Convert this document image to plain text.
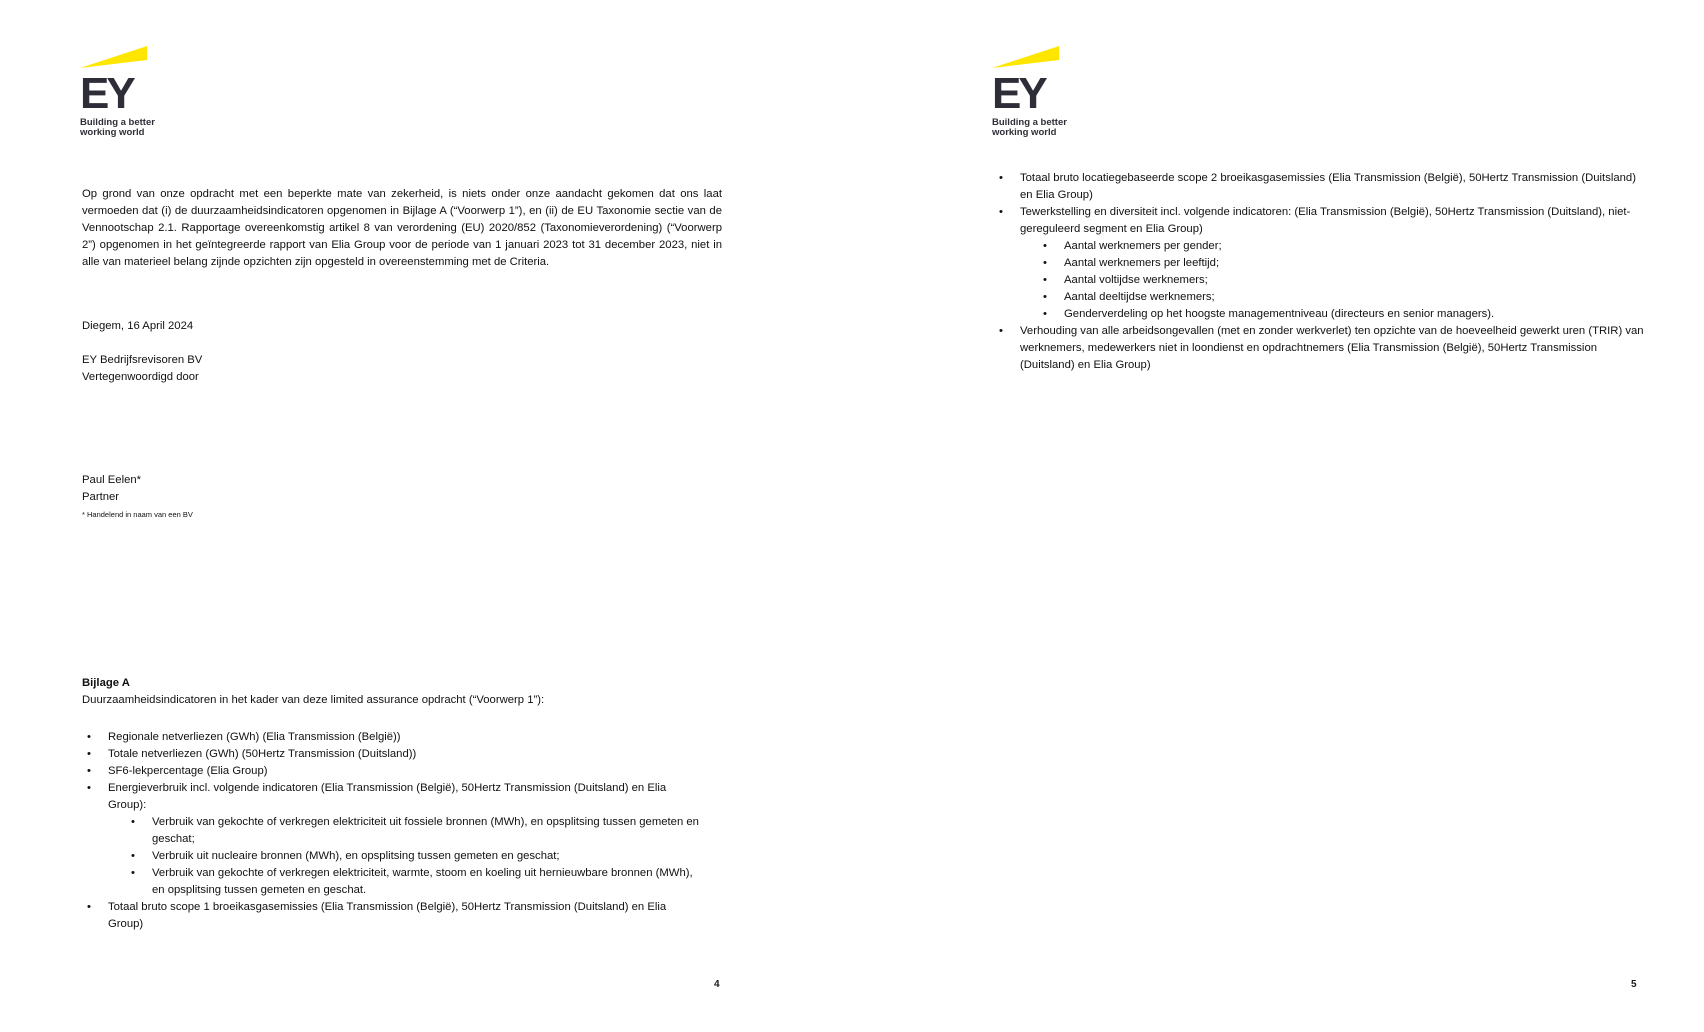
EY
Building a better
working world
Op grond van onze opdracht met een beperkte mate van zekerheid, is niets onder onze aandacht gekomen dat ons laat vermoeden dat (i) de duurzaamheidsindicatoren opgenomen in Bijlage A (“Voorwerp 1”), en (ii) de EU Taxonomie sectie van de Vennootschap 2.1. Rapportage overeenkomstig artikel 8 van verordening (EU) 2020/852 (Taxonomieverordening) (“Voorwerp 2”) opgenomen in het geïntegreerde rapport van Elia Group voor de periode van 1 januari 2023 tot 31 december 2023, niet in alle van materieel belang zijnde opzichten zijn opgesteld in overeenstemming met de Criteria.
Diegem, 16 April 2024
EY Bedrijfsrevisoren BV
Vertegenwoordigd door
Paul Eelen*
Partner
* Handelend in naam van een BV
Bijlage A
Duurzaamheidsindicatoren in het kader van deze limited assurance opdracht (“Voorwerp 1”):
• Regionale netverliezen (GWh) (Elia Transmission (België))
• Totale netverliezen (GWh) (50Hertz Transmission (Duitsland))
• SF6-lekpercentage (Elia Group)
• Energieverbruik incl. volgende indicatoren (Elia Transmission (België), 50Hertz Transmission (Duitsland) en Elia Group):
• Verbruik van gekochte of verkregen elektriciteit uit fossiele bronnen (MWh), en opsplitsing tussen gemeten en geschat;
• Verbruik uit nucleaire bronnen (MWh), en opsplitsing tussen gemeten en geschat;
• Verbruik van gekochte of verkregen elektriciteit, warmte, stoom en koeling uit hernieuwbare bronnen (MWh), en opsplitsing tussen gemeten en geschat.
• Totaal bruto scope 1 broeikasgasemissies (Elia Transmission (België), 50Hertz Transmission (Duitsland) en Elia Group)
4
EY
Building a better
working world
• Totaal bruto locatiegebaseerde scope 2 broeikasgasemissies (Elia Transmission (België), 50Hertz Transmission (Duitsland) en Elia Group)
• Tewerkstelling en diversiteit incl. volgende indicatoren: (Elia Transmission (België), 50Hertz Transmission (Duitsland), niet-gereguleerd segment en Elia Group)
• Aantal werknemers per gender;
• Aantal werknemers per leeftijd;
• Aantal voltijdse werknemers;
• Aantal deeltijdse werknemers;
• Genderverdeling op het hoogste managementniveau (directeurs en senior managers).
• Verhouding van alle arbeidsongevallen (met en zonder werkverlet) ten opzichte van de hoeveelheid gewerkt uren (TRIR) van werknemers, medewerkers niet in loondienst en opdrachtnemers (Elia Transmission (België), 50Hertz Transmission (Duitsland) en Elia Group)
5
